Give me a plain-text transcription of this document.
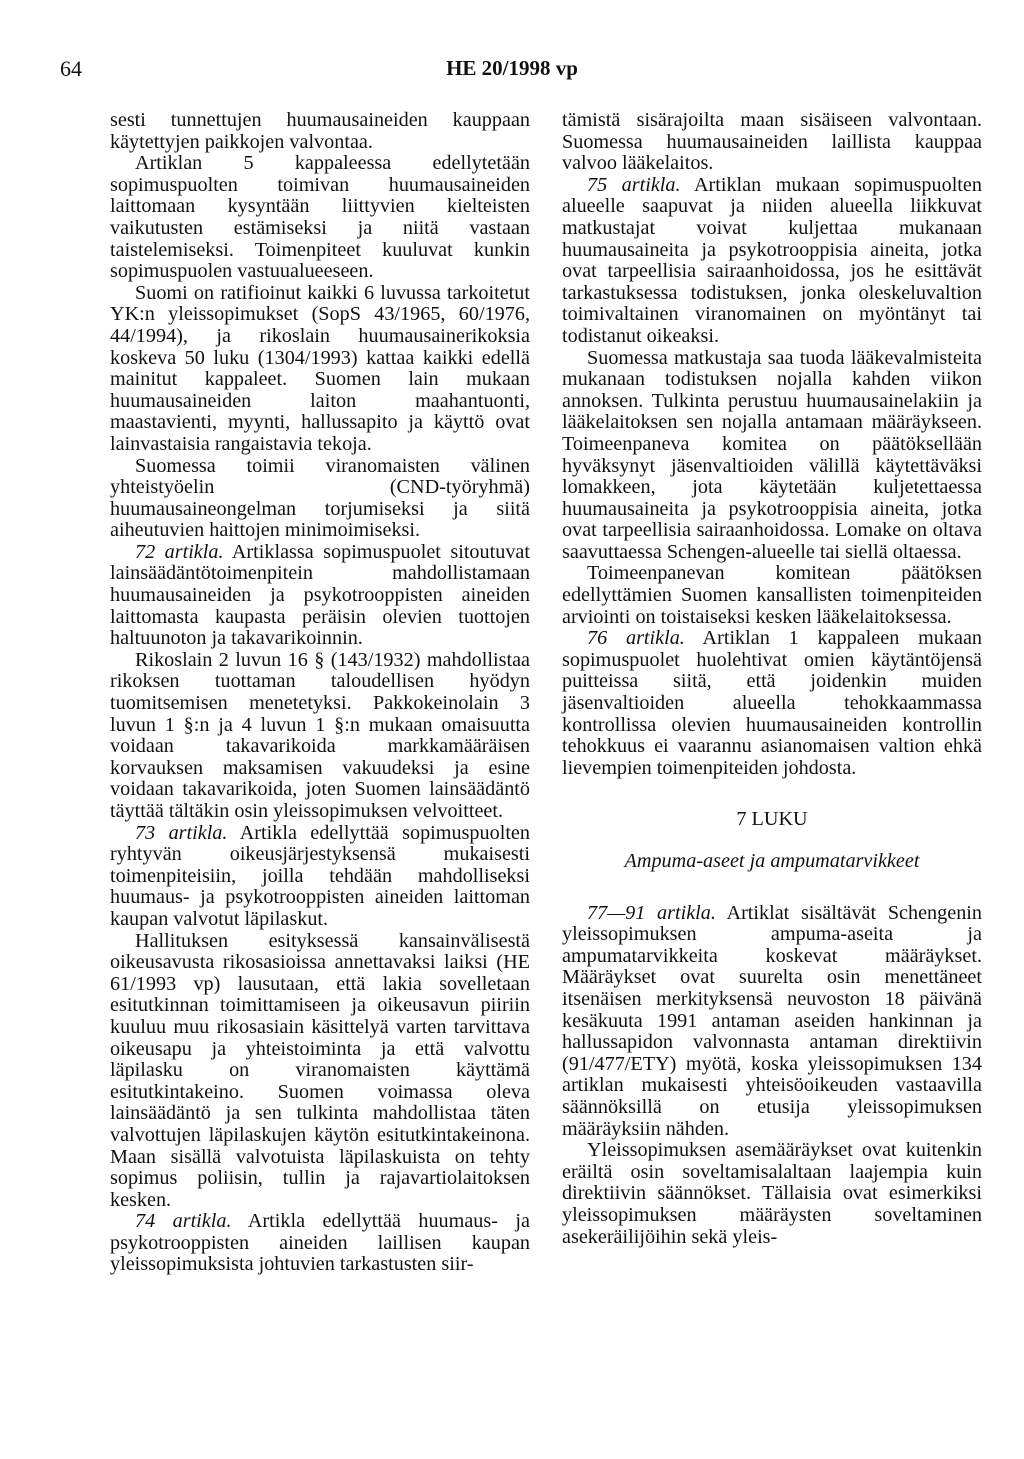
64	HE 20/1998 vp

sesti tunnettujen huumausaineiden kauppaan käytettyjen paikkojen valvontaa.

Artiklan 5 kappaleessa edellytetään sopimuspuolten toimivan huumausaineiden laittomaan kysyntään liittyvien kielteisten vaikutusten estämiseksi ja niitä vastaan taistelemiseksi. Toimenpiteet kuuluvat kunkin sopimuspuolen vastuualueeseen.

Suomi on ratifioinut kaikki 6 luvussa tarkoitetut YK:n yleissopimukset (SopS 43/1965, 60/1976, 44/1994), ja rikoslain huumausainerikoksia koskeva 50 luku (1304/1993) kattaa kaikki edellä mainitut kappaleet. Suomen lain mukaan huumausaineiden laiton maahantuonti, maastavienti, myynti, hallussapito ja käyttö ovat lainvastaisia rangaistavia tekoja.

Suomessa toimii viranomaisten välinen yhteistyöelin (CND-työryhmä) huumausaineongelman torjumiseksi ja siitä aiheutuvien haittojen minimoimiseksi.

72 artikla. Artiklassa sopimuspuolet sitoutuvat lainsäädäntötoimenpitein mahdollistamaan huumausaineiden ja psykotrooppisten aineiden laittomasta kaupasta peräisin olevien tuottojen haltuunoton ja takavarikoinnin.

Rikoslain 2 luvun 16 § (143/1932) mahdollistaa rikoksen tuottaman taloudellisen hyödyn tuomitsemisen menetetyksi. Pakkokeinolain 3 luvun 1 §:n ja 4 luvun 1 §:n mukaan omaisuutta voidaan takavarikoida markkamääräisen korvauksen maksamisen vakuudeksi ja esine voidaan takavarikoida, joten Suomen lainsäädäntö täyttää tältäkin osin yleissopimuksen velvoitteet.

73 artikla. Artikla edellyttää sopimuspuolten ryhtyvän oikeusjärjestyksensä mukaisesti toimenpiteisiin, joilla tehdään mahdolliseksi huumaus- ja psykotrooppisten aineiden laittoman kaupan valvotut läpilaskut.

Hallituksen esityksessä kansainvälisestä oikeusavusta rikosasioissa annettavaksi laiksi (HE 61/1993 vp) lausutaan, että lakia sovelletaan esitutkinnan toimittamiseen ja oikeusavun piiriin kuuluu muu rikosasiain käsittelyä varten tarvittava oikeusapu ja yhteistoiminta ja että valvottu läpilasku on viranomaisten käyttämä esitutkintakeino. Suomen voimassa oleva lainsäädäntö ja sen tulkinta mahdollistaa täten valvottujen läpilaskujen käytön esitutkintakeinona. Maan sisällä valvotuista läpilaskuista on tehty sopimus poliisin, tullin ja rajavartiolaitoksen kesken.

74 artikla. Artikla edellyttää huumaus- ja psykotrooppisten aineiden laillisen kaupan yleissopimuksista johtuvien tarkastusten siir-

tämistä sisärajoilta maan sisäiseen valvontaan. Suomessa huumausaineiden laillista kauppaa valvoo lääkelaitos.

75 artikla. Artiklan mukaan sopimuspuolten alueelle saapuvat ja niiden alueella liikkuvat matkustajat voivat kuljettaa mukanaan huumausaineita ja psykotrooppisia aineita, jotka ovat tarpeellisia sairaanhoidossa, jos he esittävät tarkastuksessa todistuksen, jonka oleskeluvaltion toimivaltainen viranomainen on myöntänyt tai todistanut oikeaksi.

Suomessa matkustaja saa tuoda lääkevalmisteita mukanaan todistuksen nojalla kahden viikon annoksen. Tulkinta perustuu huumausainelakiin ja lääkelaitoksen sen nojalla antamaan määräykseen. Toimeenpaneva komitea on päätöksellään hyväksynyt jäsenvaltioiden välillä käytettäväksi lomakkeen, jota käytetään kuljetettaessa huumausaineita ja psykotrooppisia aineita, jotka ovat tarpeellisia sairaanhoidossa. Lomake on oltava saavuttaessa Schengen-alueelle tai siellä oltaessa.

Toimeenpanevan komitean päätöksen edellyttämien Suomen kansallisten toimenpiteiden arviointi on toistaiseksi kesken lääkelaitoksessa.

76 artikla. Artiklan 1 kappaleen mukaan sopimuspuolet huolehtivat omien käytäntöjensä puitteissa siitä, että joidenkin muiden jäsenvaltioiden alueella tehokkaammassa kontrollissa olevien huumausaineiden kontrollin tehokkuus ei vaarannu asianomaisen valtion ehkä lievempien toimenpiteiden johdosta.

7 LUKU

Ampuma-aseet ja ampumatarvikkeet

77—91 artikla. Artiklat sisältävät Schengenin yleissopimuksen ampuma-aseita ja ampumatarvikkeita koskevat määräykset. Määräykset ovat suurelta osin menettäneet itsenäisen merkityksensä neuvoston 18 päivänä kesäkuuta 1991 antaman aseiden hankinnan ja hallussapidon valvonnasta antaman direktiivin (91/477/ETY) myötä, koska yleissopimuksen 134 artiklan mukaisesti yhteisöoikeuden vastaavilla säännöksillä on etusija yleissopimuksen määräyksiin nähden.

Yleissopimuksen asemääräykset ovat kuitenkin eräiltä osin soveltamisalaltaan laajempia kuin direktiivin säännökset. Tällaisia ovat esimerkiksi yleissopimuksen määräysten soveltaminen asekeräilijöihin sekä yleis-
